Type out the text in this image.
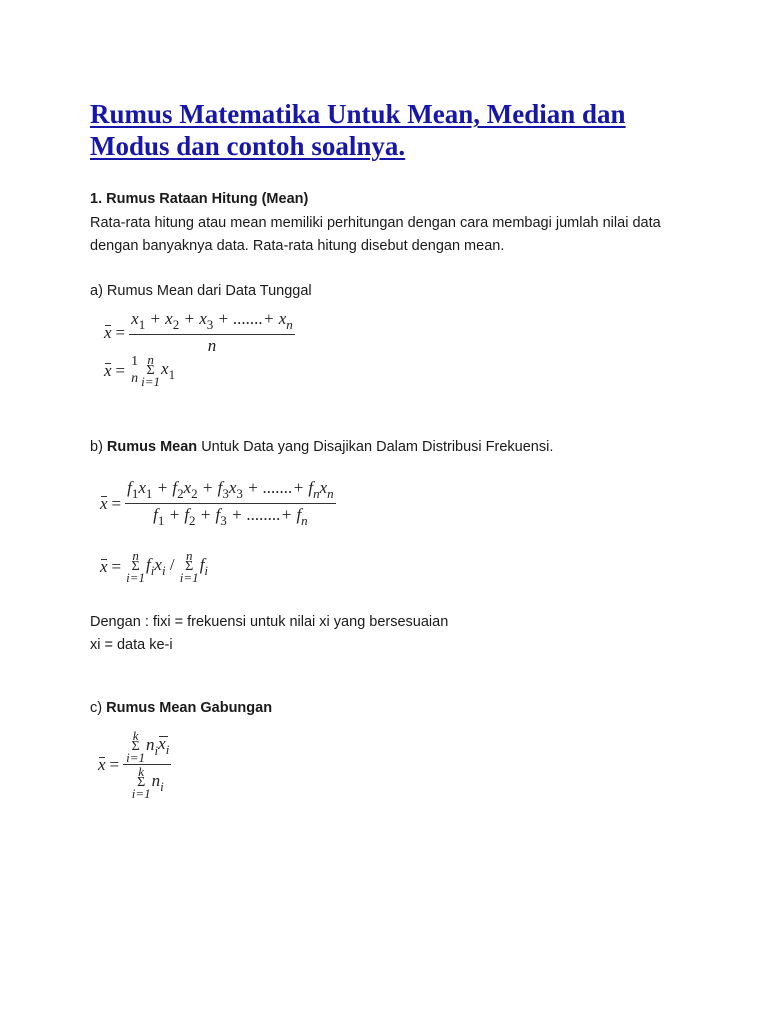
Rumus Matematika Untuk Mean, Median dan Modus dan contoh soalnya.

1. Rumus Rataan Hitung (Mean)

Rata-rata hitung atau mean memiliki perhitungan dengan cara membagi jumlah nilai data dengan banyaknya data. Rata-rata hitung disebut dengan mean.

a) Rumus Mean dari Data Tunggal

$x = \frac{x_1 + x_2 + x_3 + .......+ x_n}{n}$
x = 1
n
n
Σ
i=1
$x_1$

b) Rumus Mean Untuk Data yang Disajikan Dalam Distribusi Frekuensi.

$x = \frac{f_1x_1 + f_2x_2 + f_3x_3 + .......+ f_nx_n}{f_1 + f_2 + f_3 + ........+ f_n}$
x =
n
Σ
i=1
$f_ix_i$ / n
Σ
i=1
$f_i$

Dengan : fixi = frekuensi untuk nilai xi yang bersesuaian

xi = data ke-i

c) Rumus Mean Gabungan

x = k
Σ
i=1
$n_ix_i$
k
Σ
i=1
$n_i$
